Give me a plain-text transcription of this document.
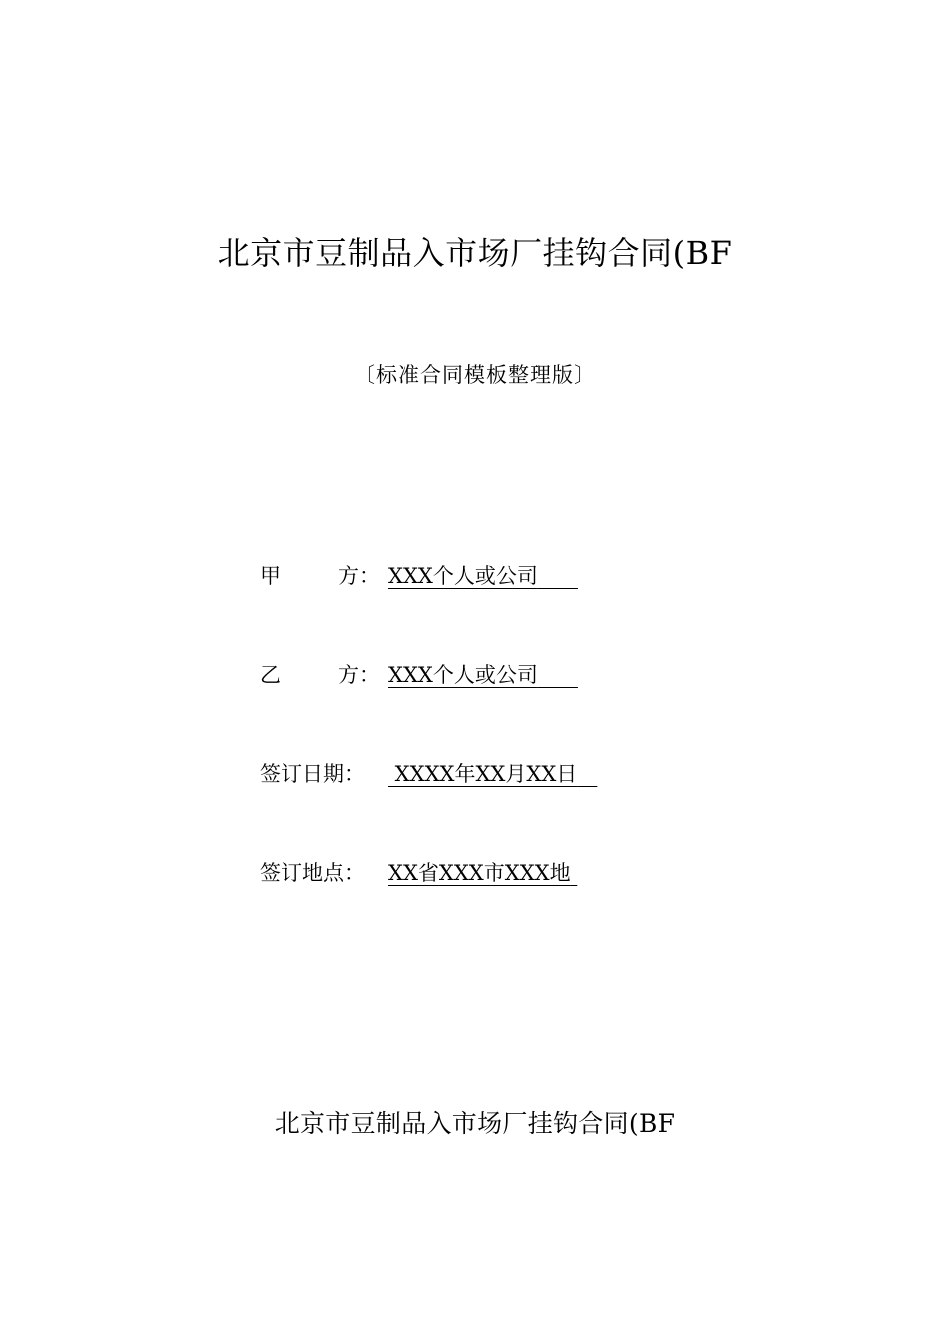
北京市豆制品入市场厂挂钩合同(BF
〔标准合同模板整理版〕
甲	方： XXX个人或公司
乙	方： XXX个人或公司
签订日期： XXXX年XX月XX日
签订地点： XX省XXX市XXX地
北京市豆制品入市场厂挂钩合同(BF
